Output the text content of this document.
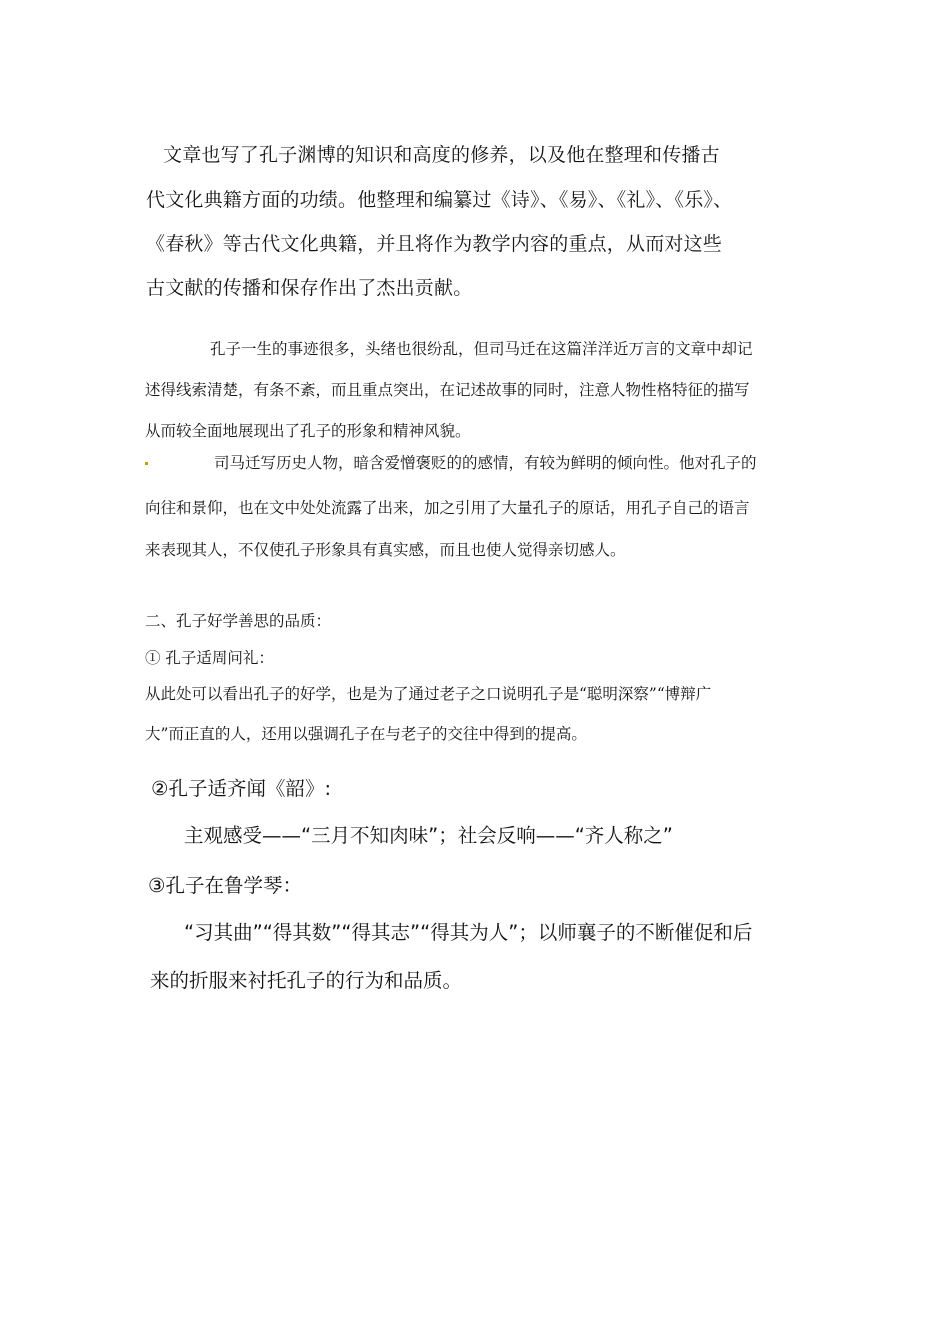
文章也写了孔子渊博的知识和高度的修养，以及他在整理和传播古

代文化典籍方面的功绩。他整理和编纂过《诗》、《易》、《礼》、《乐》、

《春秋》等古代文化典籍，并且将作为教学内容的重点，从而对这些

古文献的传播和保存作出了杰出贡献。

孔子一生的事迹很多，头绪也很纷乱，但司马迁在这篇洋洋近万言的文章中却记

述得线索清楚，有条不紊，而且重点突出，在记述故事的同时，注意人物性格特征的描写

从而较全面地展现出了孔子的形象和精神风貌。

司马迁写历史人物，暗含爱憎褒贬的的感情，有较为鲜明的倾向性。他对孔子的

向往和景仰，也在文中处处流露了出来，加之引用了大量孔子的原话，用孔子自己的语言

来表现其人，不仅使孔子形象具有真实感，而且也使人觉得亲切感人。

二、孔子好学善思的品质：

① 孔子适周问礼：

从此处可以看出孔子的好学，也是为了通过老子之口说明孔子是“聪明深察”“博辩广

大”而正直的人，还用以强调孔子在与老子的交往中得到的提高。

②孔子适齐闻《韶》:

主观感受——“三月不知肉味”；社会反响——“齐人称之”

③孔子在鲁学琴：

“习其曲”“得其数”“得其志”“得其为人”；以师襄子的不断催促和后

来的折服来衬托孔子的行为和品质。
